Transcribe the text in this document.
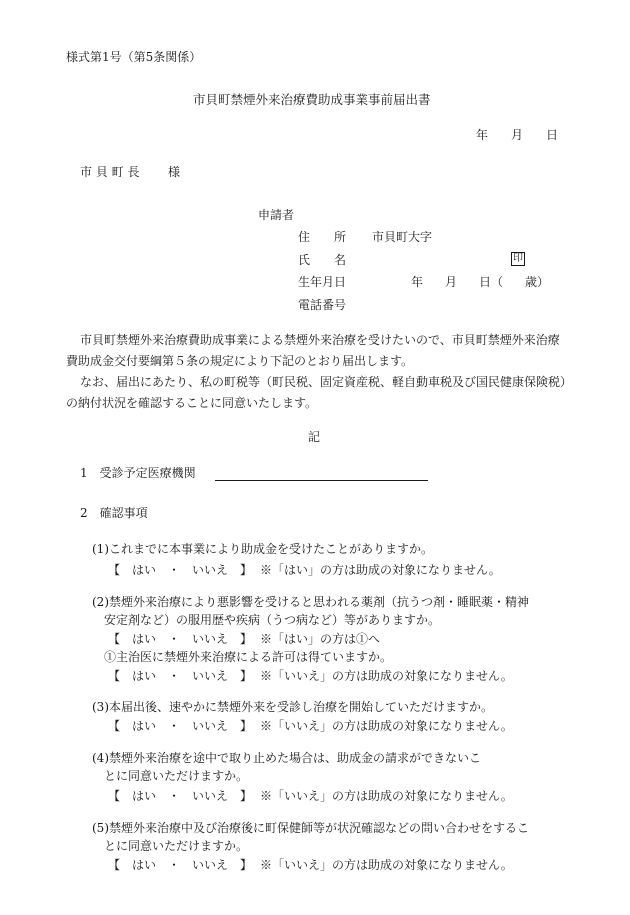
様式第1号（第5条関係）
市貝町禁煙外来治療費助成事業事前届出書
年 月 日
市 貝 町 長 様
申請者
住　　所 市貝町大字
氏　　名	印
生年月日	年 月 日（ 歳）
電話番号
市貝町禁煙外来治療費助成事業による禁煙外来治療を受けたいので、市貝町禁煙外来治療
費助成金交付要綱第５条の規定により下記のとおり届出します。
なお、届出にあたり、私の町税等（町民税、固定資産税、軽自動車税及び国民健康保険税）
の納付状況を確認することに同意いたします。
記
1　受診予定医療機関
2　確認事項
(1)これまでに本事業により助成金を受けたことがありますか。
【　はい　・　いいえ　】 ※「はい」の方は助成の対象になりません。
(2)禁煙外来治療により悪影響を受けると思われる薬剤（抗うつ剤・睡眠薬・精神
安定剤など）の服用歴や疾病（うつ病など）等がありますか。
【　はい　・　いいえ　】 ※「はい」の方は①へ
①主治医に禁煙外来治療による許可は得ていますか。
【　はい　・　いいえ　】 ※「いいえ」の方は助成の対象になりません。
(3)本届出後、速やかに禁煙外来を受診し治療を開始していただけますか。
【　はい　・　いいえ　】 ※「いいえ」の方は助成の対象になりません。
(4)禁煙外来治療を途中で取り止めた場合は、助成金の請求ができないこ
とに同意いただけますか。
【　はい　・　いいえ　】 ※「いいえ」の方は助成の対象になりません。
(5)禁煙外来治療中及び治療後に町保健師等が状況確認などの問い合わせをするこ
とに同意いただけますか。
【　はい　・　いいえ　】 ※「いいえ」の方は助成の対象になりません。
